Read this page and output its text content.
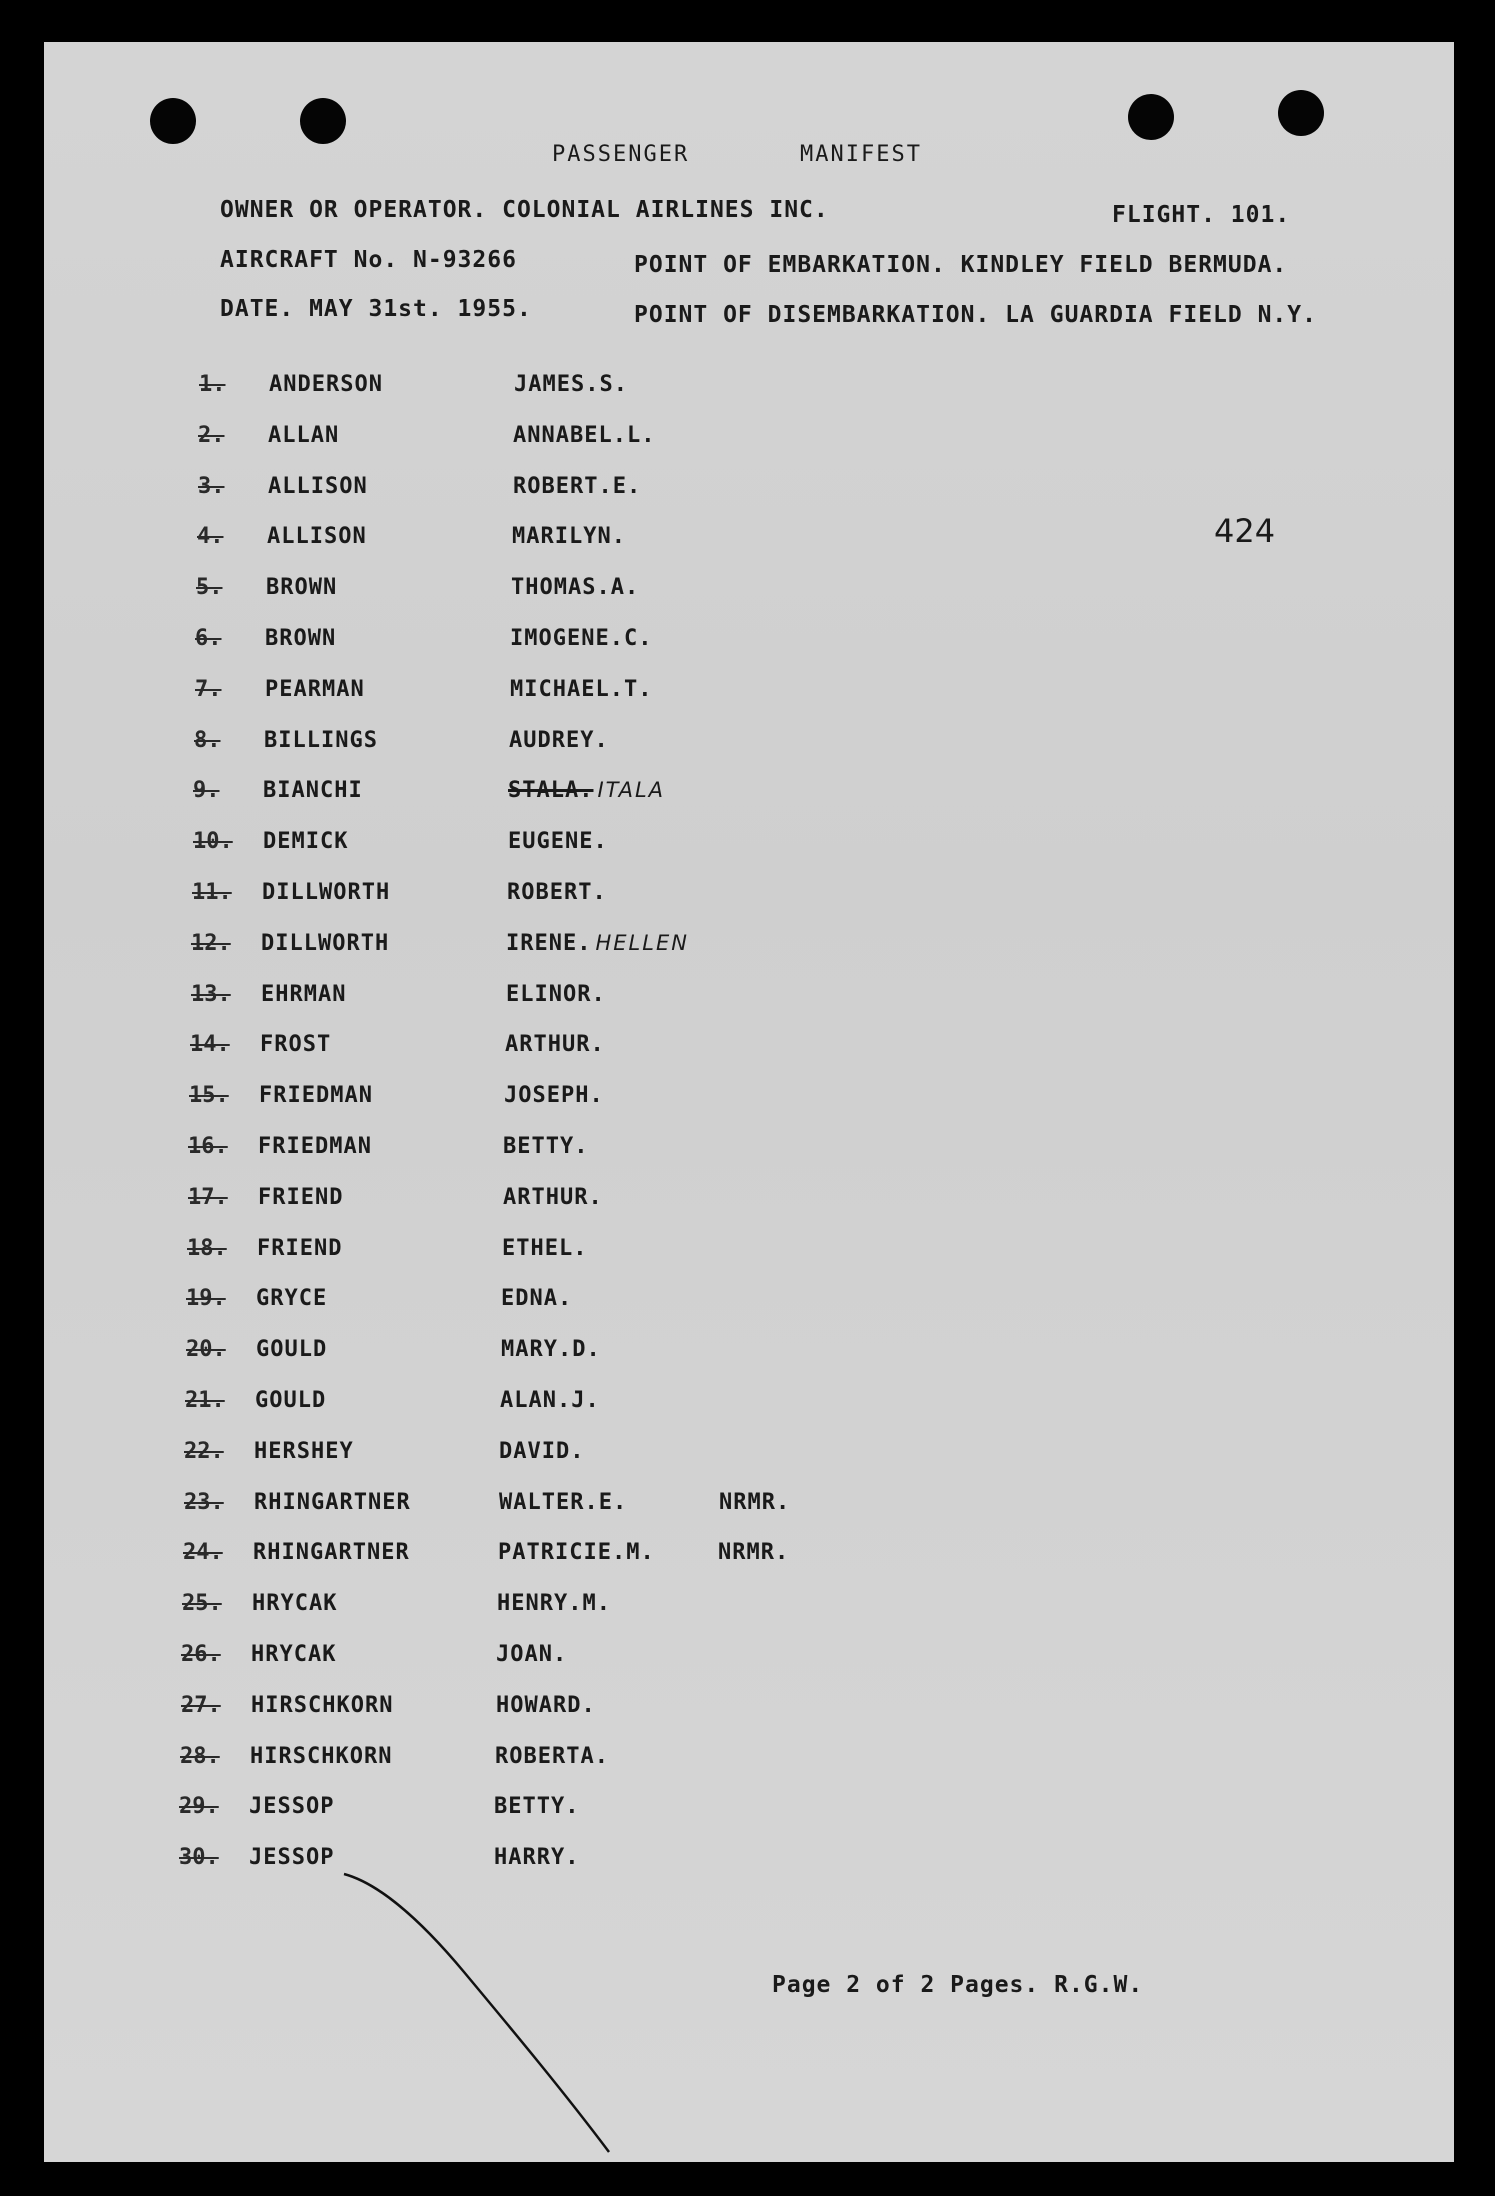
PASSENGER	MANIFEST
OWNER OR OPERATOR. COLONIAL AIRLINES INC.	FLIGHT. 101.
AIRCRAFT No. N-93266	POINT OF EMBARKATION. KINDLEY FIELD BERMUDA.
DATE. MAY 31st. 1955.	POINT OF DISEMBARKATION. LA GUARDIA FIELD N.Y.
1.	ANDERSON	JAMES.S.
2.	ALLAN	ANNABEL.L.
3.	ALLISON	ROBERT.E.
4.	ALLISON	MARILYN.
5.	BROWN	THOMAS.A.
6.	BROWN	IMOGENE.C.
7.	PEARMAN	MICHAEL.T.
8.	BILLINGS	AUDREY.
9.	BIANCHI	STALA. ITALA
10.	DEMICK	EUGENE.
11.	DILLWORTH	ROBERT.
12.	DILLWORTH	IRENE. HELLEN
13.	EHRMAN	ELINOR.
14.	FROST	ARTHUR.
15.	FRIEDMAN	JOSEPH.
16.	FRIEDMAN	BETTY.
17.	FRIEND	ARTHUR.
18.	FRIEND	ETHEL.
19.	GRYCE	EDNA.
20.	GOULD	MARY.D.
21.	GOULD	ALAN.J.
22.	HERSHEY	DAVID.
23.	RHINGARTNER	WALTER.E.	NRMR.
24.	RHINGARTNER	PATRICIE.M.	NRMR.
25.	HRYCAK	HENRY.M.
26.	HRYCAK	JOAN.
27.	HIRSCHKORN	HOWARD.
28.	HIRSCHKORN	ROBERTA.
29.	JESSOP	BETTY.
30.	JESSOP	HARRY.
424
Page 2 of 2 Pages. R.G.W.
